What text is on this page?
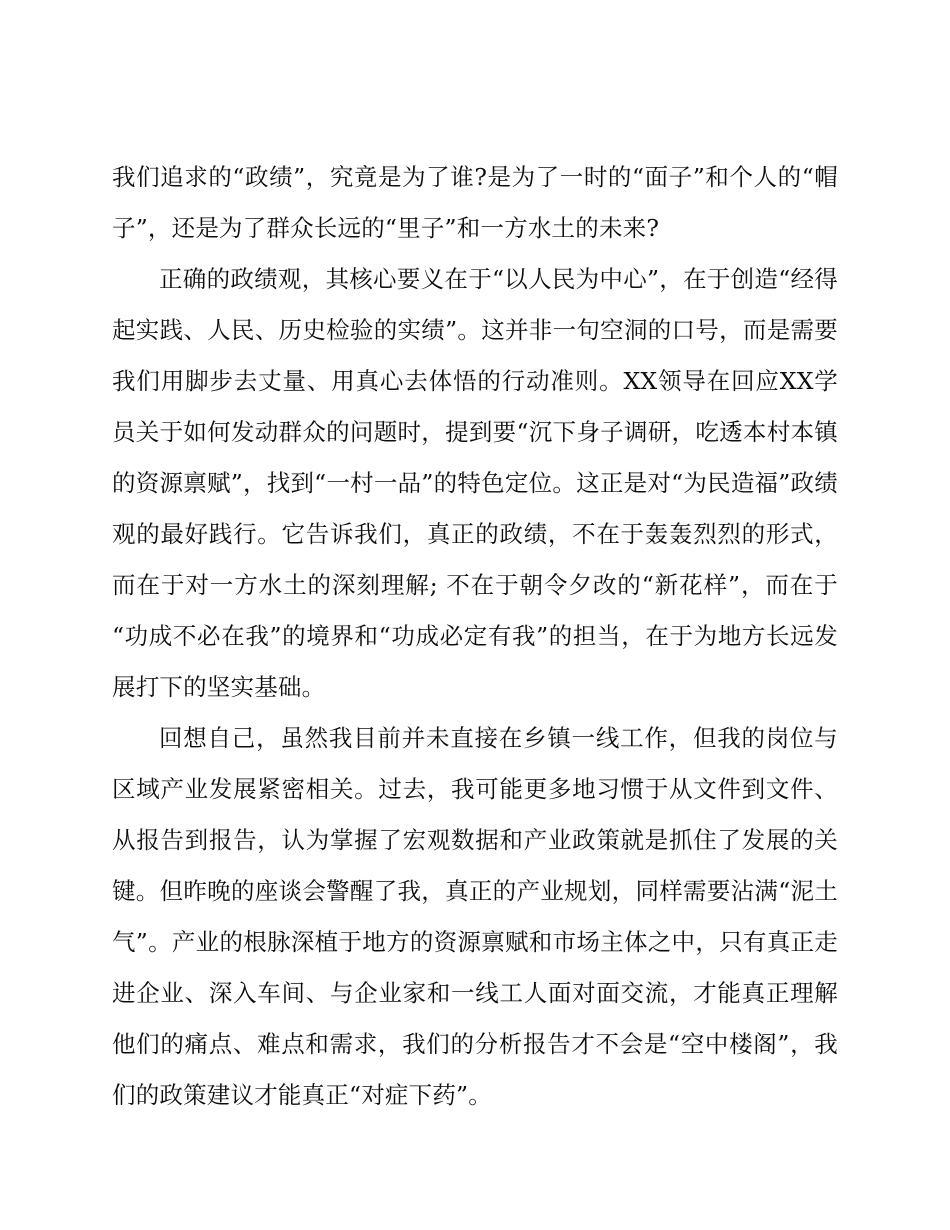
我们追求的“政绩”，究竟是为了谁?是为了一时的“面子”和个人的“帽子”，还是为了群众长远的“里子”和一方水土的未来?

正确的政绩观，其核心要义在于“以人民为中心”，在于创造“经得起实践、人民、历史检验的实绩”。这并非一句空洞的口号，而是需要我们用脚步去丈量、用真心去体悟的行动准则。XX领导在回应XX学员关于如何发动群众的问题时，提到要“沉下身子调研，吃透本村本镇的资源禀赋”，找到“一村一品”的特色定位。这正是对“为民造福”政绩观的最好践行。它告诉我们，真正的政绩，不在于轰轰烈烈的形式，而在于对一方水土的深刻理解; 不在于朝令夕改的“新花样”，而在于“功成不必在我”的境界和“功成必定有我”的担当，在于为地方长远发展打下的坚实基础。

回想自己，虽然我目前并未直接在乡镇一线工作，但我的岗位与区域产业发展紧密相关。过去，我可能更多地习惯于从文件到文件、从报告到报告，认为掌握了宏观数据和产业政策就是抓住了发展的关键。但昨晚的座谈会警醒了我，真正的产业规划，同样需要沾满“泥土气”。产业的根脉深植于地方的资源禀赋和市场主体之中，只有真正走进企业、深入车间、与企业家和一线工人面对面交流，才能真正理解他们的痛点、难点和需求，我们的分析报告才不会是“空中楼阁”，我们的政策建议才能真正“对症下药”。
